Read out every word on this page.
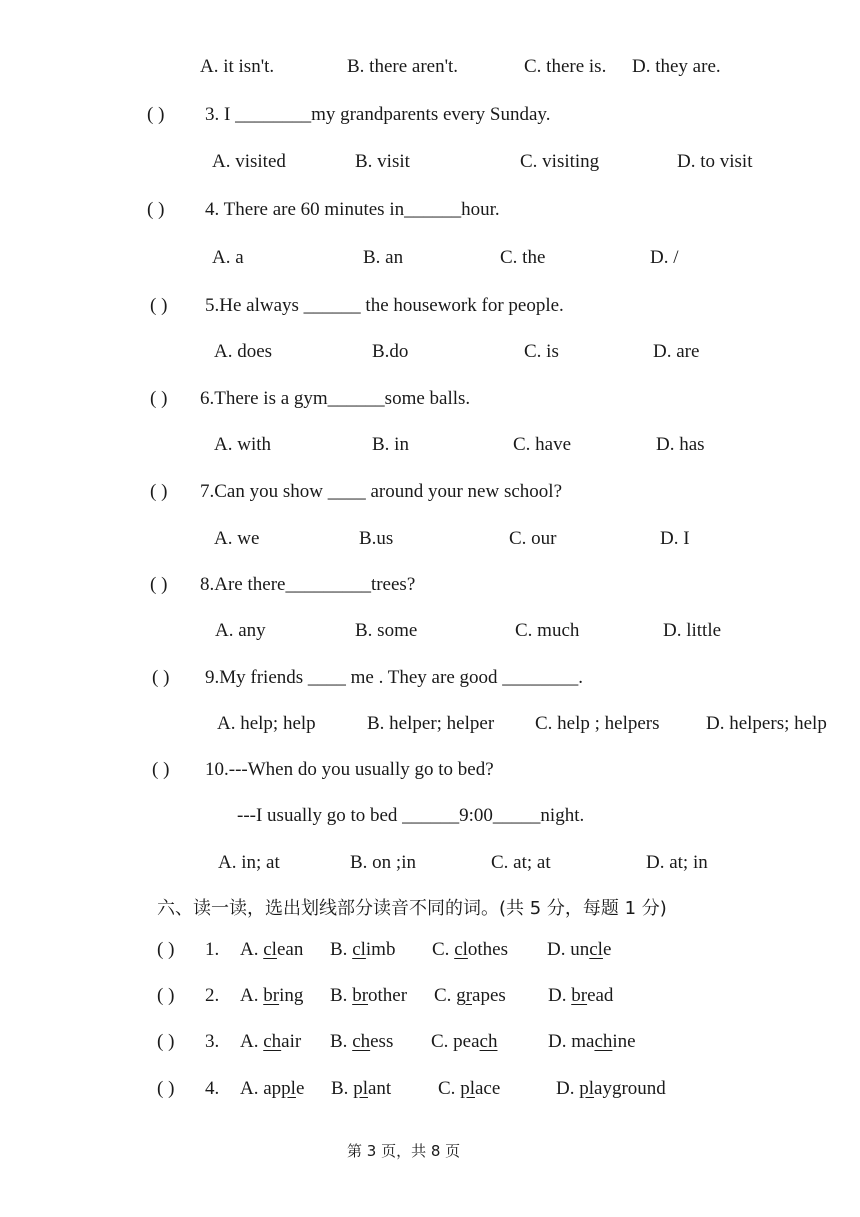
A. it isn't.	B. there aren't.	C. there is. D. they are.
( ) 3. I ________my grandparents every Sunday.
A. visited	B. visit	C. visiting	D. to visit
( ) 4. There are 60 minutes in______hour.
A. a	B. an	C. the	D. /
( ) 5.He always ______ the housework for people.
A. does	B.do	C. is	D. are
( ) 6.There is a gym______some balls.
A. with	B. in	C. have	D. has
( ) 7.Can you show ____ around your new school?
A. we	B.us	C. our	D. I
( ) 8.Are there_________trees?
A. any	B. some	C. much	D. little
( ) 9.My friends ____ me . They are good ________.
A. help; help	B. helper; helper C. help ; helpers D. helpers; help
( ) 10.---When do you usually go to bed?
---I usually go to bed ______9:00_____night.
A. in; at	B. on ;in	C. at; at	D. at; in
六、读一读，选出划线部分读音不同的词。(共 5 分，每题 1 分)
( ) 1. A. clean B. climb C. clothes D. uncle
( ) 2. A. bring B. brother C. grapes D. bread
( ) 3. A. chair B. chess C. peach	D. machine
( ) 4. A. apple B. plant C. place	D. playground
第 3 页，共 8 页
